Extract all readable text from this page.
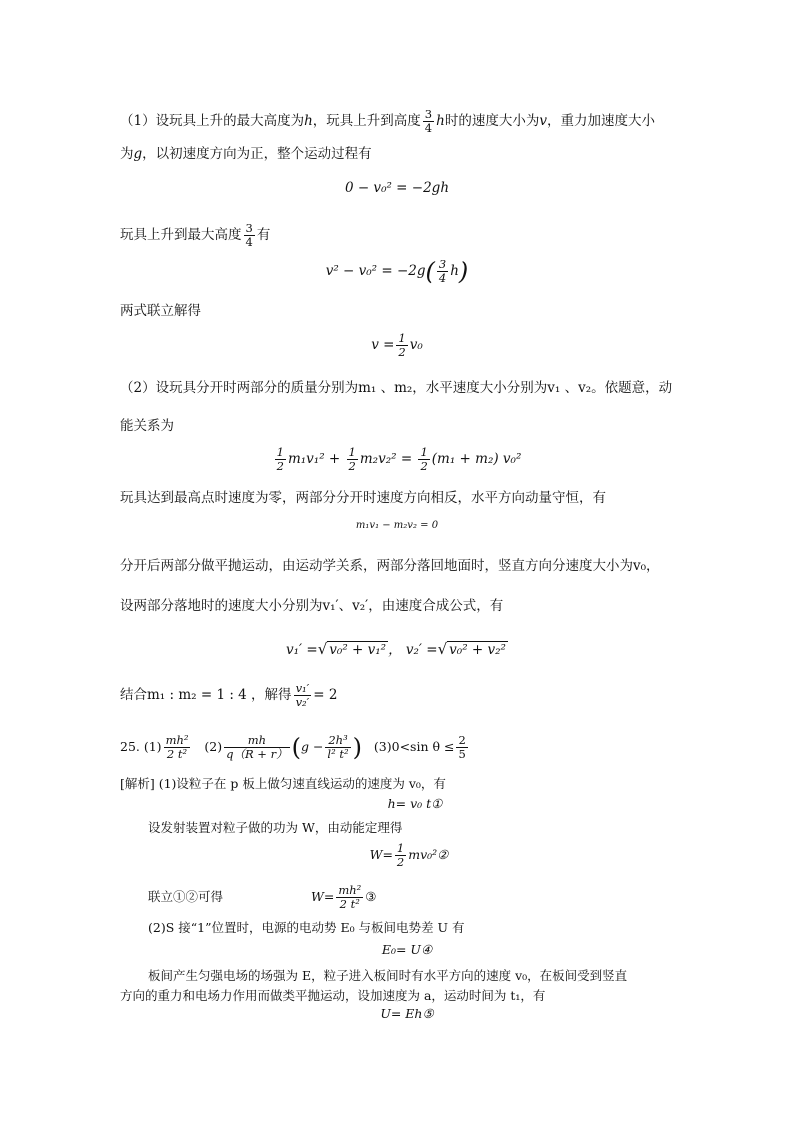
（1）设玩具上升的最大高度为h，玩具上升到高度 $\frac{3}{4}$ h时的速度大小为v，重力加速度大小
为g，以初速度方向为正，整个运动过程有
0 − v₀² = −2gh
玩具上升到最大高度 $\frac{3}{4}$ 有
$v^2 - v_0^2 = -2g( \frac{3}{4} h)$
两式联立解得
$v = \frac{1}{2} v_0$
（2）设玩具分开时两部分的质量分别为m₁ 、m₂，水平速度大小分别为v₁ 、v₂。依题意，动
能关系为
$\frac{1}{2} m_1v_1^2 + \frac{1}{2} m_2v_2^2 = \frac{1}{2} (m_1 + m_2)$ v₀²
玩具达到最高点时速度为零，两部分分开时速度方向相反，水平方向动量守恒，有
m₁v₁ − m₂v₂ = 0
分开后两部分做平抛运动，由运动学关系，两部分落回地面时，竖直方向分速度大小为v₀，
设两部分落地时的速度大小分别为v₁′、v₂′，由速度合成公式，有
v₁′ =√ v₀² + v₁² ， v₂′ =√ v₀² + v₂²
结合m₁ : m₂ = 1 : 4 ，解得 $\frac{\text{v₁′}}{\text{v₂′}} = 2$
25. $(1) \frac{\text{mh²}}{\text{2 t²}} (2) \frac{mh}{q(R + r)} (g - \frac{\text{2h³}}{\text{l² t²}}$ ) (3)0<sin $\theta \le \frac{2}{5}$
[解析] (1)设粒子在 p 板上做匀速直线运动的速度为 v₀，有
h= v₀ t①
设发射装置对粒子做的功为 W，由动能定理得
$W= \frac{1}{2}$ mv₀²②
联立①②可得	$W= \frac{\text{mh²}}{\text{2 t²}}$ ③
(2)S 接“1”位置时，电源的电动势 E₀ 与板间电势差 U 有
E₀= U④
板间产生匀强电场的场强为 E，粒子进入板间时有水平方向的速度 v₀，在板间受到竖直
方向的重力和电场力作用而做类平抛运动，设加速度为 a，运动时间为 t₁，有
U= Eh⑤
